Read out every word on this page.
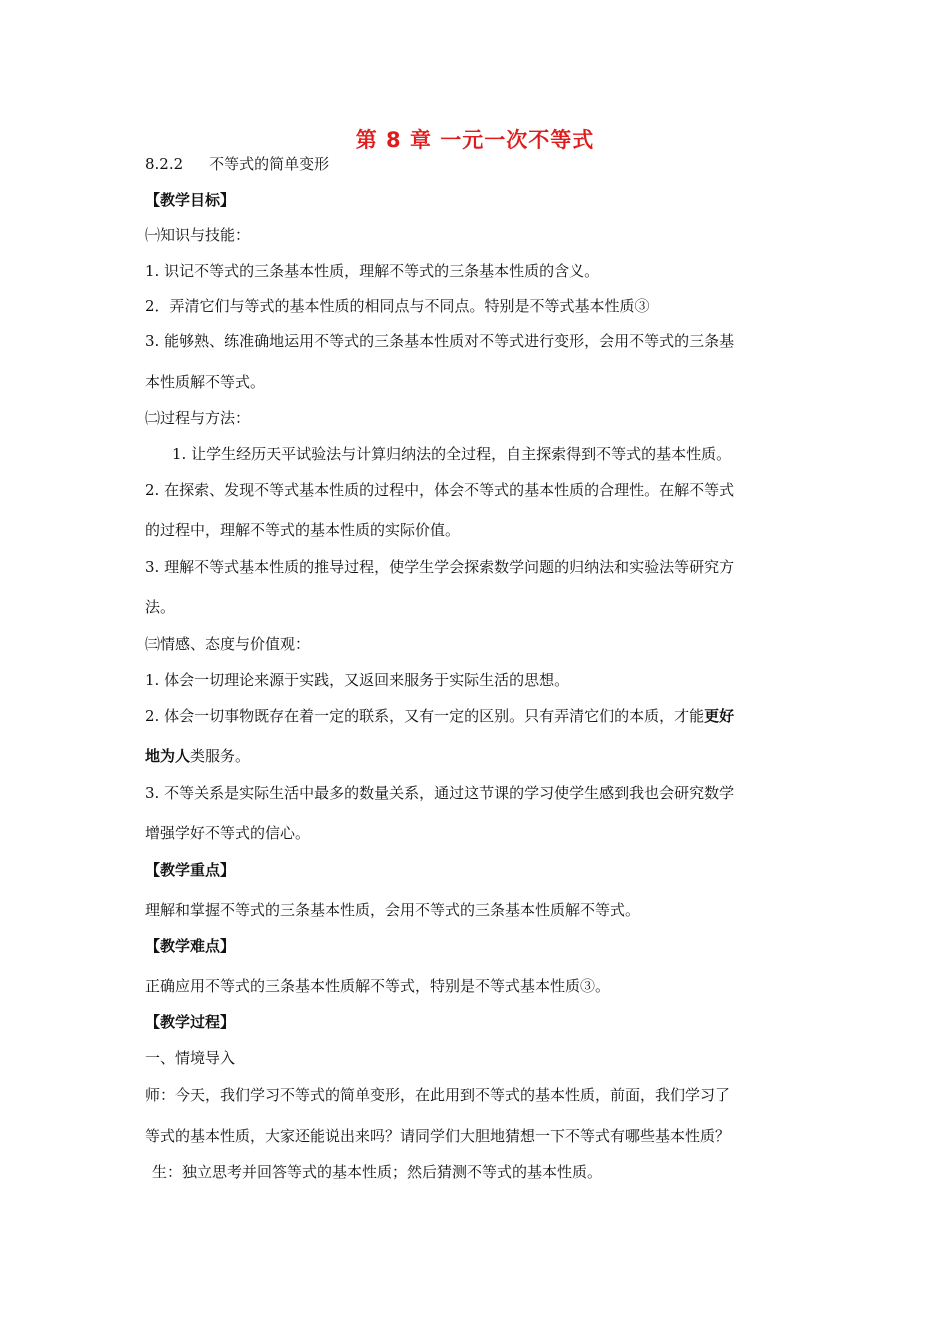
第 8 章 一元一次不等式
8.2.2 不等式的简单变形
【教学目标】
㈠知识与技能：
1. 识记不等式的三条基本性质，理解不等式的三条基本性质的含义。
2．弄清它们与等式的基本性质的相同点与不同点。特别是不等式基本性质③
3. 能够熟、练准确地运用不等式的三条基本性质对不等式进行变形，会用不等式的三条基
本性质解不等式。
㈡过程与方法：
1. 让学生经历天平试验法与计算归纳法的全过程，自主探索得到不等式的基本性质。
2. 在探索、发现不等式基本性质的过程中，体会不等式的基本性质的合理性。在解不等式
的过程中，理解不等式的基本性质的实际价值。
3. 理解不等式基本性质的推导过程，使学生学会探索数学问题的归纳法和实验法等研究方
法。
㈢情感、态度与价值观：
1. 体会一切理论来源于实践，又返回来服务于实际生活的思想。
2. 体会一切事物既存在着一定的联系，又有一定的区别。只有弄清它们的本质，才能更好
地为人类服务。
3. 不等关系是实际生活中最多的数量关系，通过这节课的学习使学生感到我也会研究数学
增强学好不等式的信心。
【教学重点】
理解和掌握不等式的三条基本性质，会用不等式的三条基本性质解不等式。
【教学难点】
正确应用不等式的三条基本性质解不等式，特别是不等式基本性质③。
【教学过程】
一、情境导入
师：今天，我们学习不等式的简单变形，在此用到不等式的基本性质，前面，我们学习了
等式的基本性质，大家还能说出来吗？请同学们大胆地猜想一下不等式有哪些基本性质？
生：独立思考并回答等式的基本性质；然后猜测不等式的基本性质。
